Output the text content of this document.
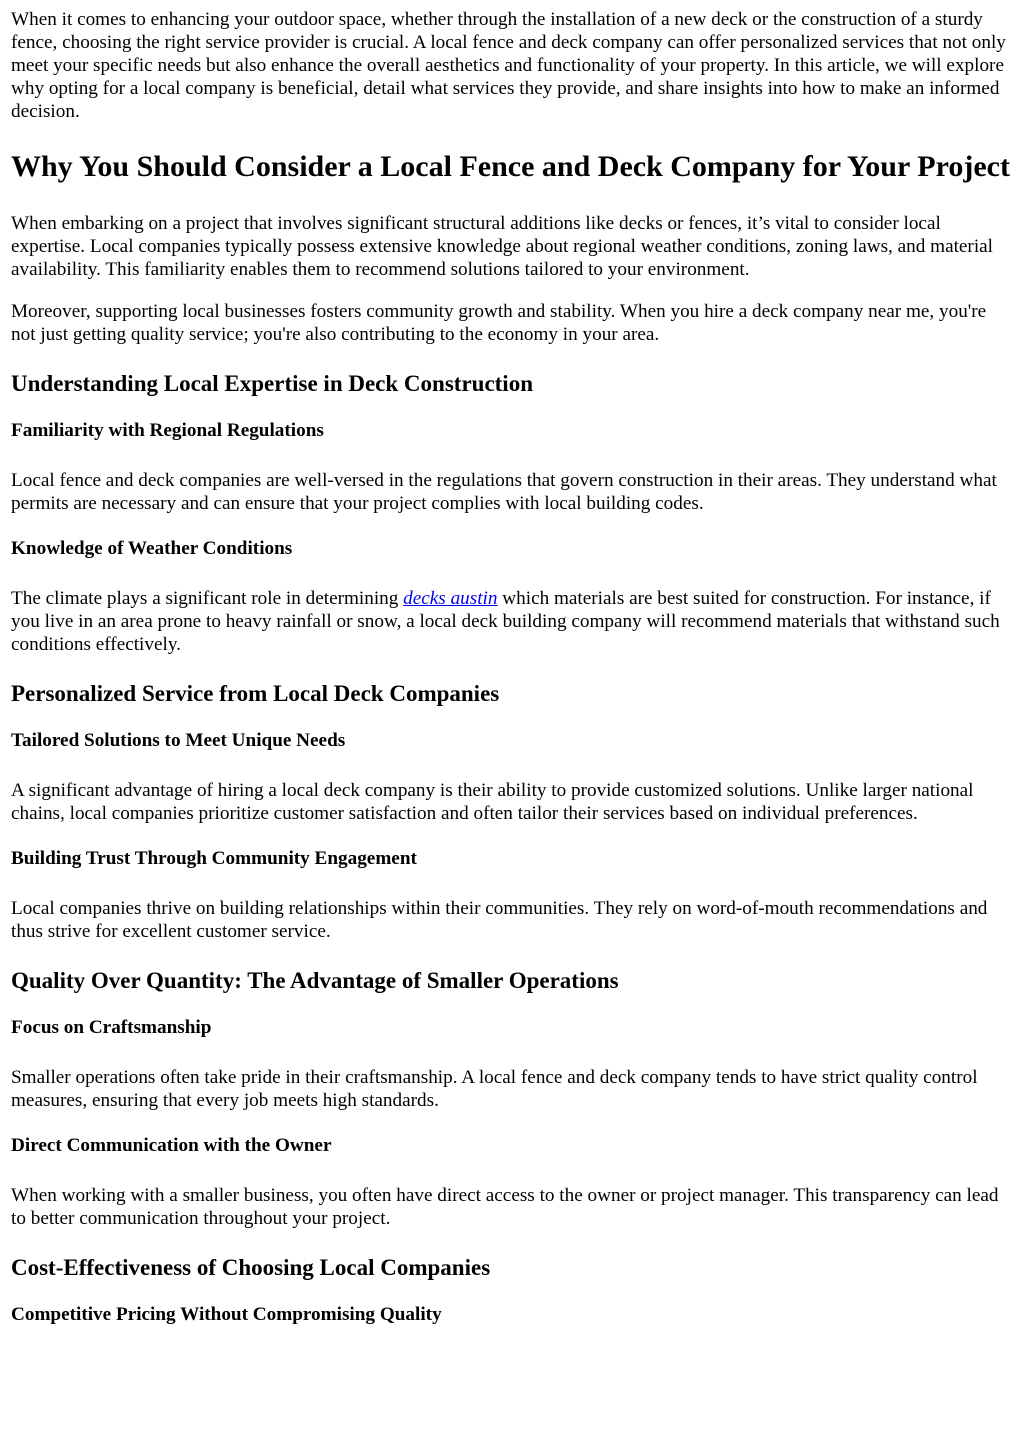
When it comes to enhancing your outdoor space, whether through the installation of a new deck or the construction of a sturdy fence, choosing the right service provider is crucial. A local fence and deck company can offer personalized services that not only meet your specific needs but also enhance the overall aesthetics and functionality of your property. In this article, we will explore why opting for a local company is beneficial, detail what services they provide, and share insights into how to make an informed decision.

Why You Should Consider a Local Fence and Deck Company for Your Project

When embarking on a project that involves significant structural additions like decks or fences, it’s vital to consider local expertise. Local companies typically possess extensive knowledge about regional weather conditions, zoning laws, and material availability. This familiarity enables them to recommend solutions tailored to your environment.

Moreover, supporting local businesses fosters community growth and stability. When you hire a deck company near me, you're not just getting quality service; you're also contributing to the economy in your area.

Understanding Local Expertise in Deck Construction
Familiarity with Regional Regulations

Local fence and deck companies are well-versed in the regulations that govern construction in their areas. They understand what permits are necessary and can ensure that your project complies with local building codes.

Knowledge of Weather Conditions

The climate plays a significant role in determining decks austin which materials are best suited for construction. For instance, if you live in an area prone to heavy rainfall or snow, a local deck building company will recommend materials that withstand such conditions effectively.

Personalized Service from Local Deck Companies
Tailored Solutions to Meet Unique Needs

A significant advantage of hiring a local deck company is their ability to provide customized solutions. Unlike larger national chains, local companies prioritize customer satisfaction and often tailor their services based on individual preferences.

Building Trust Through Community Engagement

Local companies thrive on building relationships within their communities. They rely on word-of-mouth recommendations and thus strive for excellent customer service.

Quality Over Quantity: The Advantage of Smaller Operations
Focus on Craftsmanship

Smaller operations often take pride in their craftsmanship. A local fence and deck company tends to have strict quality control measures, ensuring that every job meets high standards.

Direct Communication with the Owner

When working with a smaller business, you often have direct access to the owner or project manager. This transparency can lead to better communication throughout your project.

Cost-Effectiveness of Choosing Local Companies
Competitive Pricing Without Compromising Quality
